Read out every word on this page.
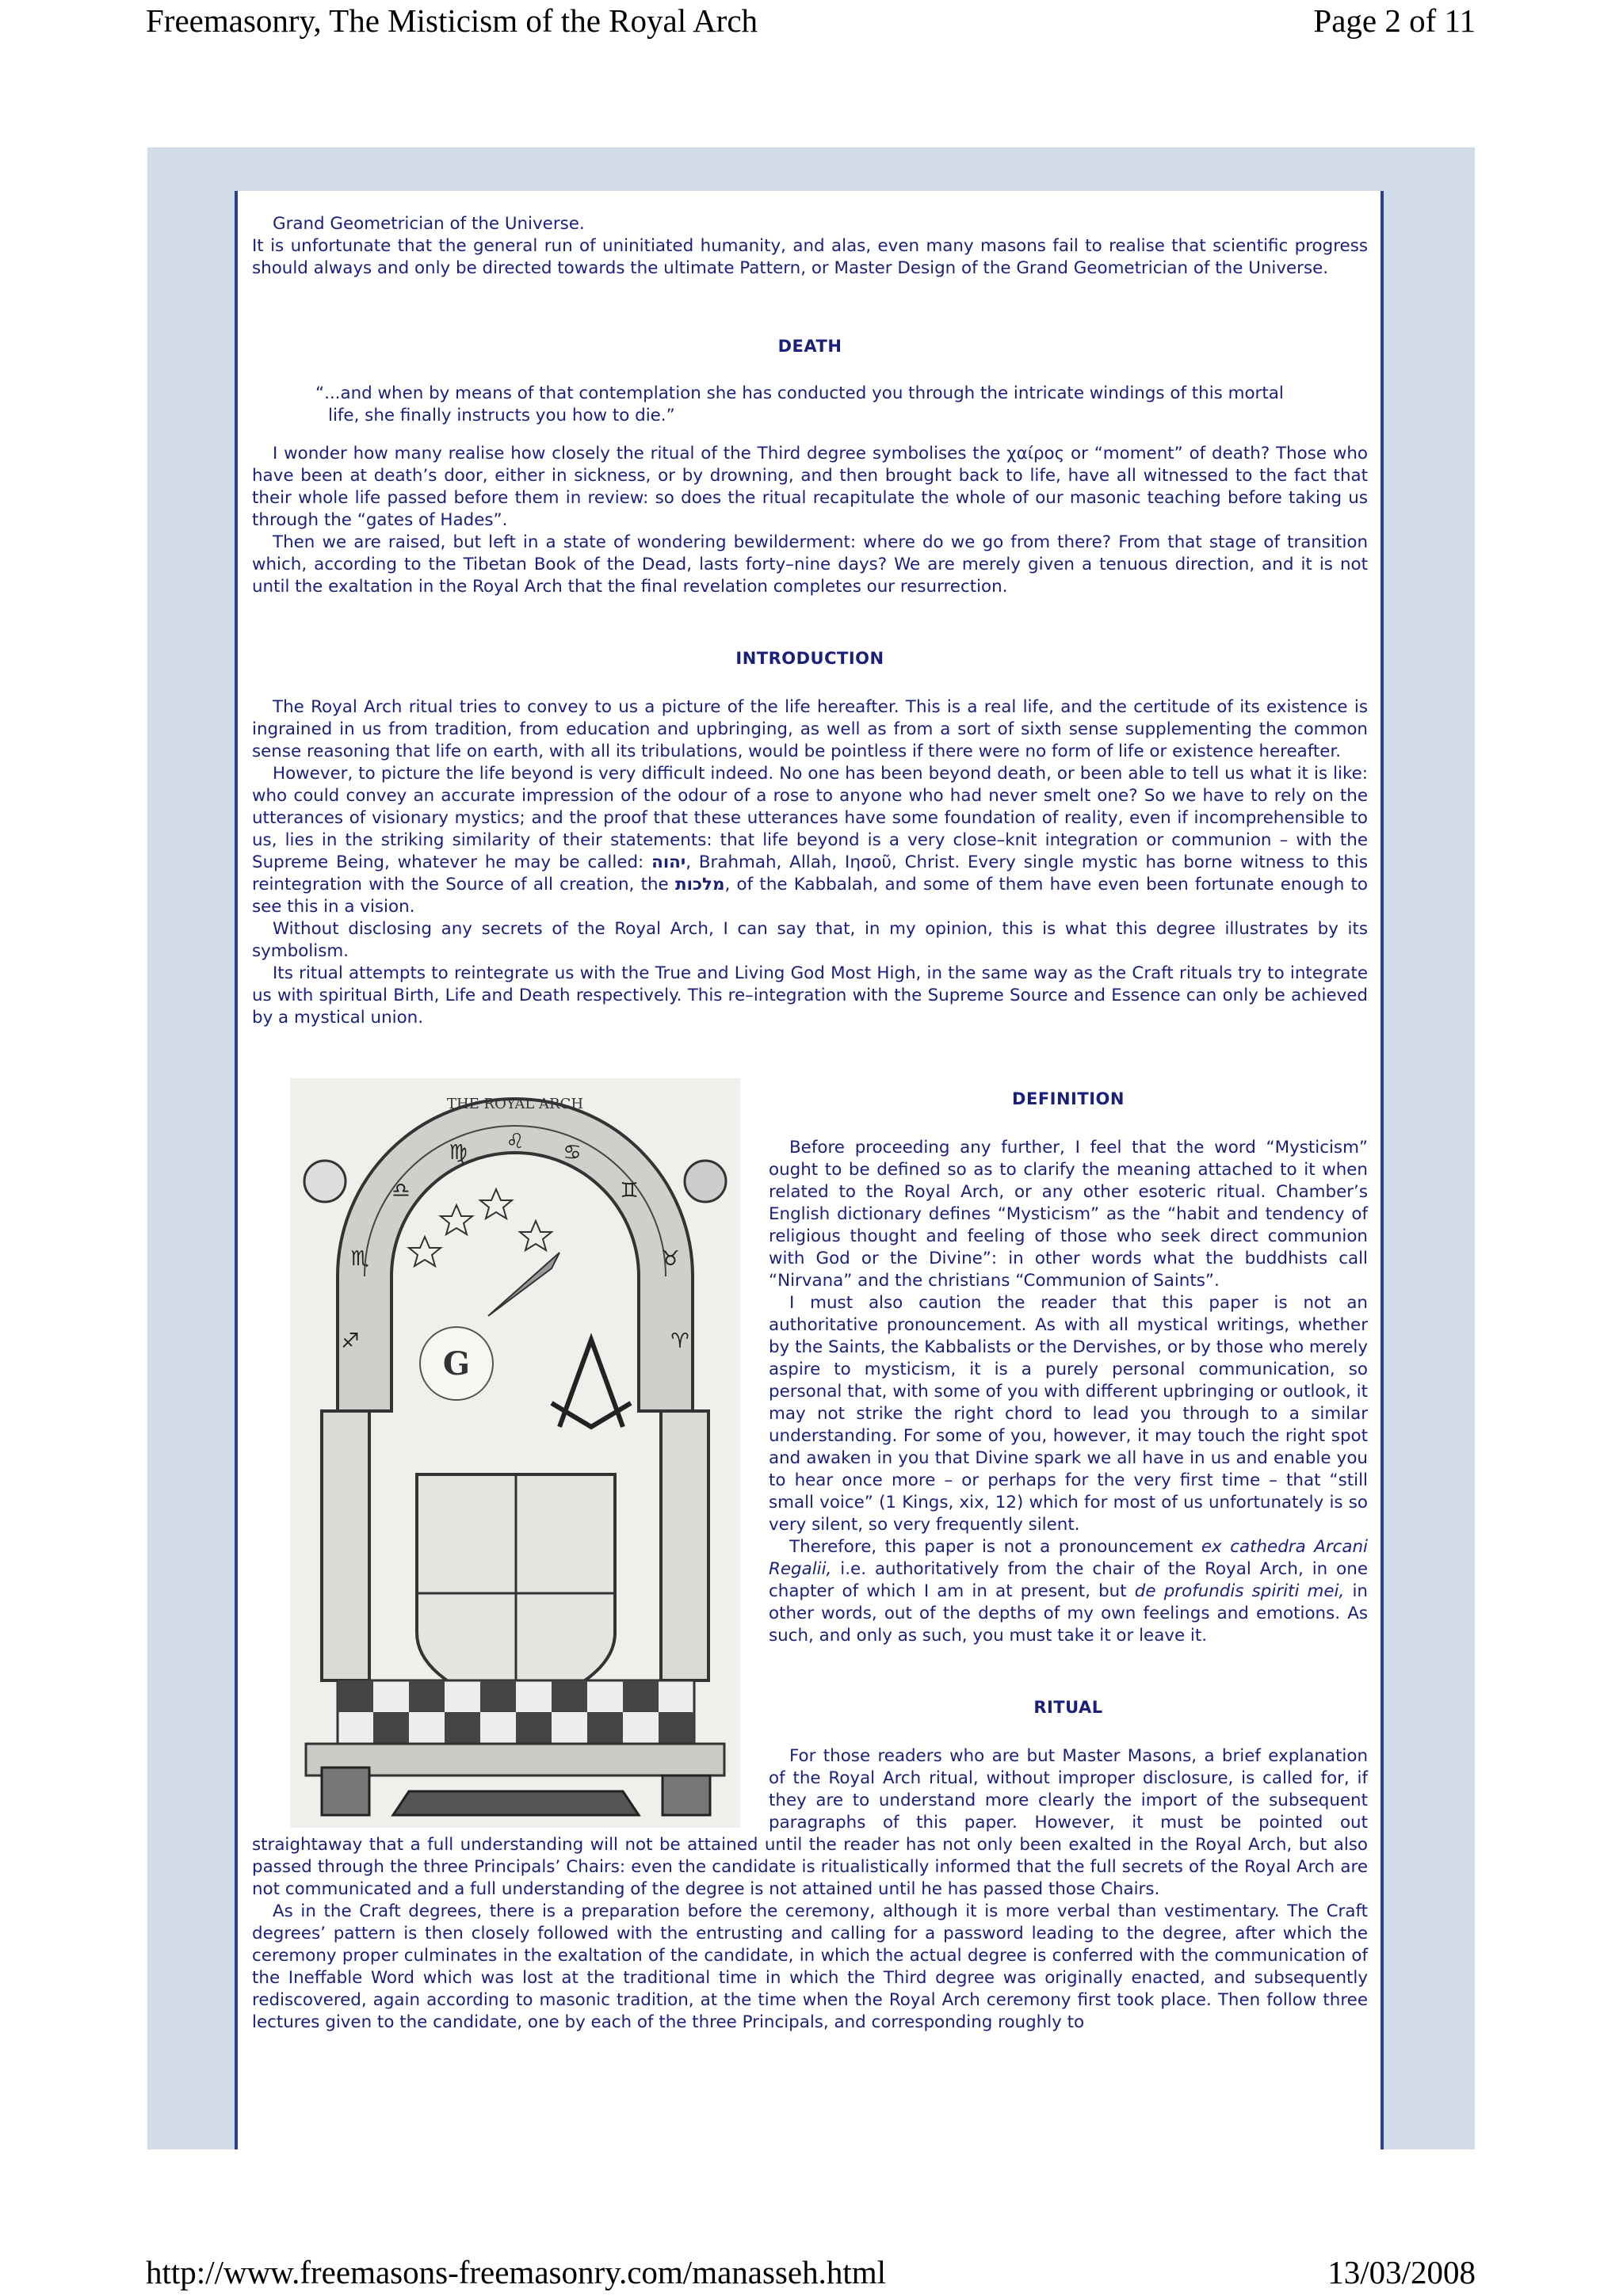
Freemasonry, The Misticism of the Royal Arch	Page 2 of 11

Grand Geometrician of the Universe.

It is unfortunate that the general run of uninitiated humanity, and alas, even many masons fail to realise that scientific progress should always and only be directed towards the ultimate Pattern, or Master Design of the Grand Geometrician of the Universe.

DEATH

“...and when by means of that contemplation she has conducted you through the intricate windings of this mortal
life, she finally instructs you how to die.”

I wonder how many realise how closely the ritual of the Third degree symbolises the χαίρος or “moment” of death? Those who have been at death’s door, either in sickness, or by drowning, and then brought back to life, have all witnessed to the fact that their whole life passed before them in review: so does the ritual recapitulate the whole of our masonic teaching before taking us through the “gates of Hades”.

Then we are raised, but left in a state of wondering bewilderment: where do we go from there? From that stage of transition which, according to the Tibetan Book of the Dead, lasts forty–nine days? We are merely given a tenuous direction, and it is not until the exaltation in the Royal Arch that the final revelation completes our resurrection.

INTRODUCTION

The Royal Arch ritual tries to convey to us a picture of the life hereafter. This is a real life, and the certitude of its existence is ingrained in us from tradition, from education and upbringing, as well as from a sort of sixth sense supplementing the common sense reasoning that life on earth, with all its tribulations, would be pointless if there were no form of life or existence hereafter.

However, to picture the life beyond is very difficult indeed. No one has been beyond death, or been able to tell us what it is like: who could convey an accurate impression of the odour of a rose to anyone who had never smelt one? So we have to rely on the utterances of visionary mystics; and the proof that these utterances have some foundation of reality, even if incomprehensible to us, lies in the striking similarity of their statements: that life beyond is a very close–knit integration or communion – with the Supreme Being, whatever he may be called: יהוה, Brahmah, Allah, Iησοῦ, Christ. Every single mystic has borne witness to this reintegration with the Source of all creation, the מלכות, of the Kabbalah, and some of them have even been fortunate enough to see this in a vision.

Without disclosing any secrets of the Royal Arch, I can say that, in my opinion, this is what this degree illustrates by its symbolism.

Its ritual attempts to reintegrate us with the True and Living God Most High, in the same way as the Craft rituals try to integrate us with spiritual Birth, Life and Death respectively. This re–integration with the Supreme Source and Essence can only be achieved by a mystical union.

THE ROYAL ARCH
♐
♏
♎
♍ ♌ ♋
♊
♉
♈
G
DEFINITION

Before proceeding any further, I feel that the word “Mysticism” ought to be defined so as to clarify the meaning attached to it when related to the Royal Arch, or any other esoteric ritual. Chamber’s English dictionary defines “Mysticism” as the “habit and tendency of religious thought and feeling of those who seek direct communion with God or the Divine”: in other words what the buddhists call “Nirvana” and the christians “Communion of Saints”.

I must also caution the reader that this paper is not an authoritative pronouncement. As with all mystical writings, whether by the Saints, the Kabbalists or the Dervishes, or by those who merely aspire to mysticism, it is a purely personal communication, so personal that, with some of you with different upbringing or outlook, it may not strike the right chord to lead you through to a similar understanding. For some of you, however, it may touch the right spot and awaken in you that Divine spark we all have in us and enable you to hear once more – or perhaps for the very first time – that “still small voice” (1 Kings, xix, 12) which for most of us unfortunately is so very silent, so very frequently silent.

Therefore, this paper is not a pronouncement ex cathedra Arcani Regalii, i.e. authoritatively from the chair of the Royal Arch, in one chapter of which I am in at present, but de profundis spiriti mei, in other words, out of the depths of my own feelings and emotions. As such, and only as such, you must take it or leave it.

RITUAL

For those readers who are but Master Masons, a brief explanation of the Royal Arch ritual, without improper disclosure, is called for, if they are to understand more clearly the import of the subsequent paragraphs of this paper. However, it must be pointed out straightaway that a full understanding will not be attained until the reader has not only been exalted in the Royal Arch, but also passed through the three Principals’ Chairs: even the candidate is ritualistically informed that the full secrets of the Royal Arch are not communicated and a full understanding of the degree is not attained until he has passed those Chairs.

As in the Craft degrees, there is a preparation before the ceremony, although it is more verbal than vestimentary. The Craft degrees’ pattern is then closely followed with the entrusting and calling for a password leading to the degree, after which the ceremony proper culminates in the exaltation of the candidate, in which the actual degree is conferred with the communication of the Ineffable Word which was lost at the traditional time in which the Third degree was originally enacted, and subsequently rediscovered, again according to masonic tradition, at the time when the Royal Arch ceremony first took place. Then follow three lectures given to the candidate, one by each of the three Principals, and corresponding roughly to

http://www.freemasons-freemasonry.com/manasseh.html	13/03/2008
